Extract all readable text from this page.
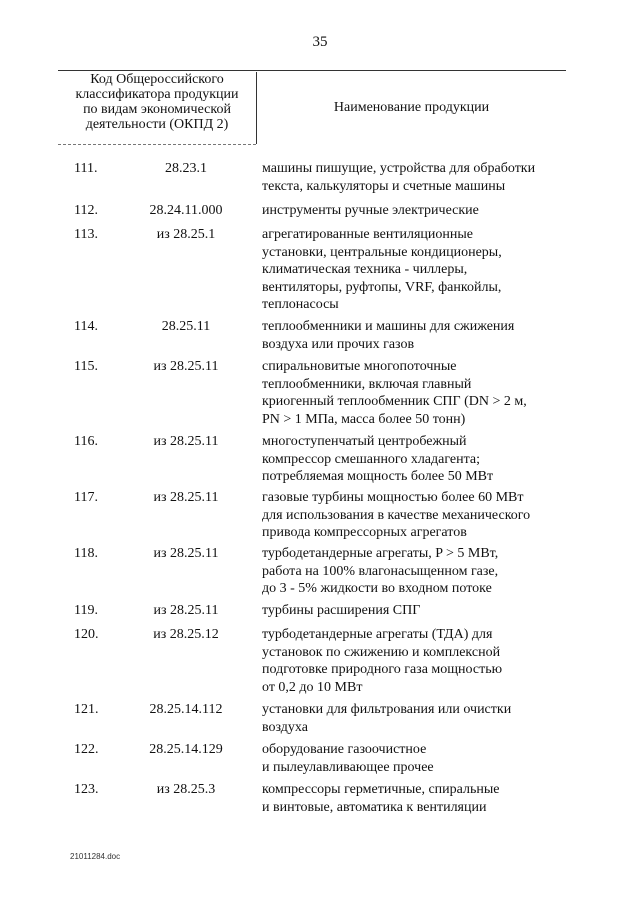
35
Код Общероссийского
классификатора продукции
по видам экономической
деятельности (ОКПД 2)
Наименование продукции
111.	28.23.1	машины пишущие, устройства для обработки
текста, калькуляторы и счетные машины
112.	28.24.11.000	инструменты ручные электрические
113.	из 28.25.1	агрегатированные вентиляционные
установки, центральные кондиционеры,
климатическая техника - чиллеры,
вентиляторы, руфтопы, VRF, фанкойлы,
теплонасосы
114.	28.25.11	теплообменники и машины для сжижения
воздуха или прочих газов
115.	из 28.25.11	спиральновитые многопоточные
теплообменники, включая главный
криогенный теплообменник СПГ (DN > 2 м,
PN > 1 МПа, масса более 50 тонн)
116.	из 28.25.11	многоступенчатый центробежный
компрессор смешанного хладагента;
потребляемая мощность более 50 МВт
117.	из 28.25.11	газовые турбины мощностью более 60 МВт
для использования в качестве механического
привода компрессорных агрегатов
118.	из 28.25.11	турбодетандерные агрегаты, P > 5 МВт,
работа на 100% влагонасыщенном газе,
до 3 - 5% жидкости во входном потоке
119.	из 28.25.11	турбины расширения СПГ
120.	из 28.25.12	турбодетандерные агрегаты (ТДА) для
установок по сжижению и комплексной
подготовке природного газа мощностью
от 0,2 до 10 МВт
121.	28.25.14.112	установки для фильтрования или очистки
воздуха
122.	28.25.14.129	оборудование газоочистное
и пылеулавливающее прочее
123.	из 28.25.3	компрессоры герметичные, спиральные
и винтовые, автоматика к вентиляции
21011284.doc
